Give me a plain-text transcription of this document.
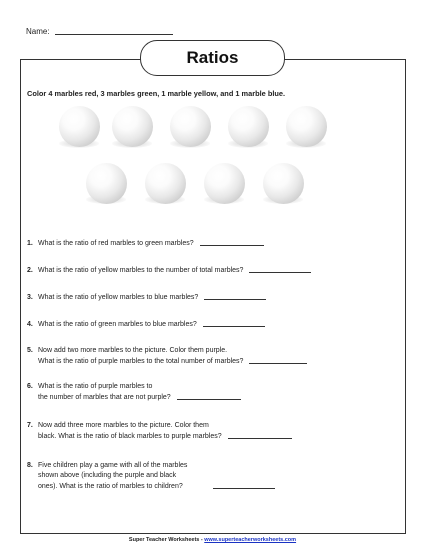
Name:
Ratios
Color 4 marbles red, 3 marbles green, 1 marble yellow, and 1 marble blue.
1. What is the ratio of red marbles to green marbles?
2. What is the ratio of yellow marbles to the number of total marbles?
3. What is the ratio of yellow marbles to blue marbles?
4. What is the ratio of green marbles to blue marbles?
5. Now add two more marbles to the picture. Color them purple.
What is the ratio of purple marbles to the total number of marbles?
6. What is the ratio of purple marbles to
the number of marbles that are not purple?
7. Now add three more marbles to the picture. Color them
black. What is the ratio of black marbles to purple marbles?
8. Five children play a game with all of the marbles
shown above (including the purple and black
ones). What is the ratio of marbles to children?
Super Teacher Worksheets - www.superteacherworksheets.com
